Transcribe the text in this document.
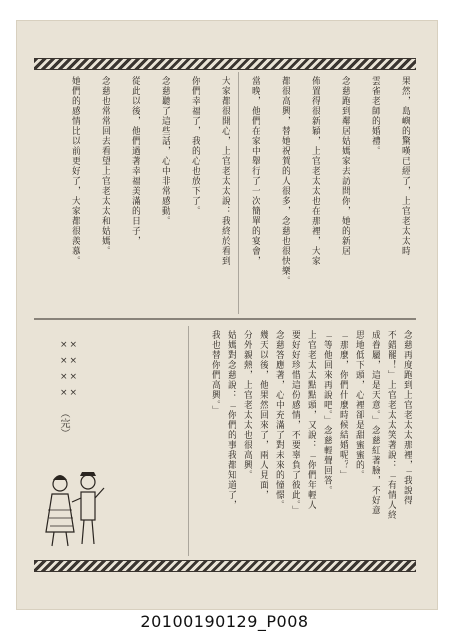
果然，島嶼的驚嘆已經了，上官老太太時
雲雀老師的婚禮。
念慈跑到鄰居姑媽家去訪問你，她的新居
佈置得很新穎，上官老太太也在那裡，大家
都很高興，替她祝賀的人很多，念慈也很快樂。
當晚，他們在家中舉行了一次簡單的宴會，
大家都很開心，上官老太太說：我終於看到
你們幸福了，我的心也放下了。
念慈聽了這些話，心中非常感動。
從此以後，他們過著幸福美滿的日子，
念慈也常常回去看望上官老太太和姑媽。
她們的感情比以前更好了，大家都很羨慕。
念慈再度跑到上官老太太那裡，「我說得
不錯罷！」上官老太太笑著說：「有情人終
成眷屬，這是天意。」念慈紅著臉，不好意
思地低下頭，心裡卻是甜蜜蜜的。
「那麼，你們什麼時候結婚呢？」
「等他回來再說吧。」念慈輕聲回答。
上官老太太點點頭，又說：「你們年輕人
要好好珍惜這份感情，不要辜負了彼此。」
念慈答應著，心中充滿了對未來的憧憬。
幾天以後，他果然回來了，兩人見面，
分外親熱，上官老太太也很高興。
姑媽對念慈說：「你們的事我都知道了，
我也替你們高興。」
××
××
××
××
（完）
20100190129_P008
